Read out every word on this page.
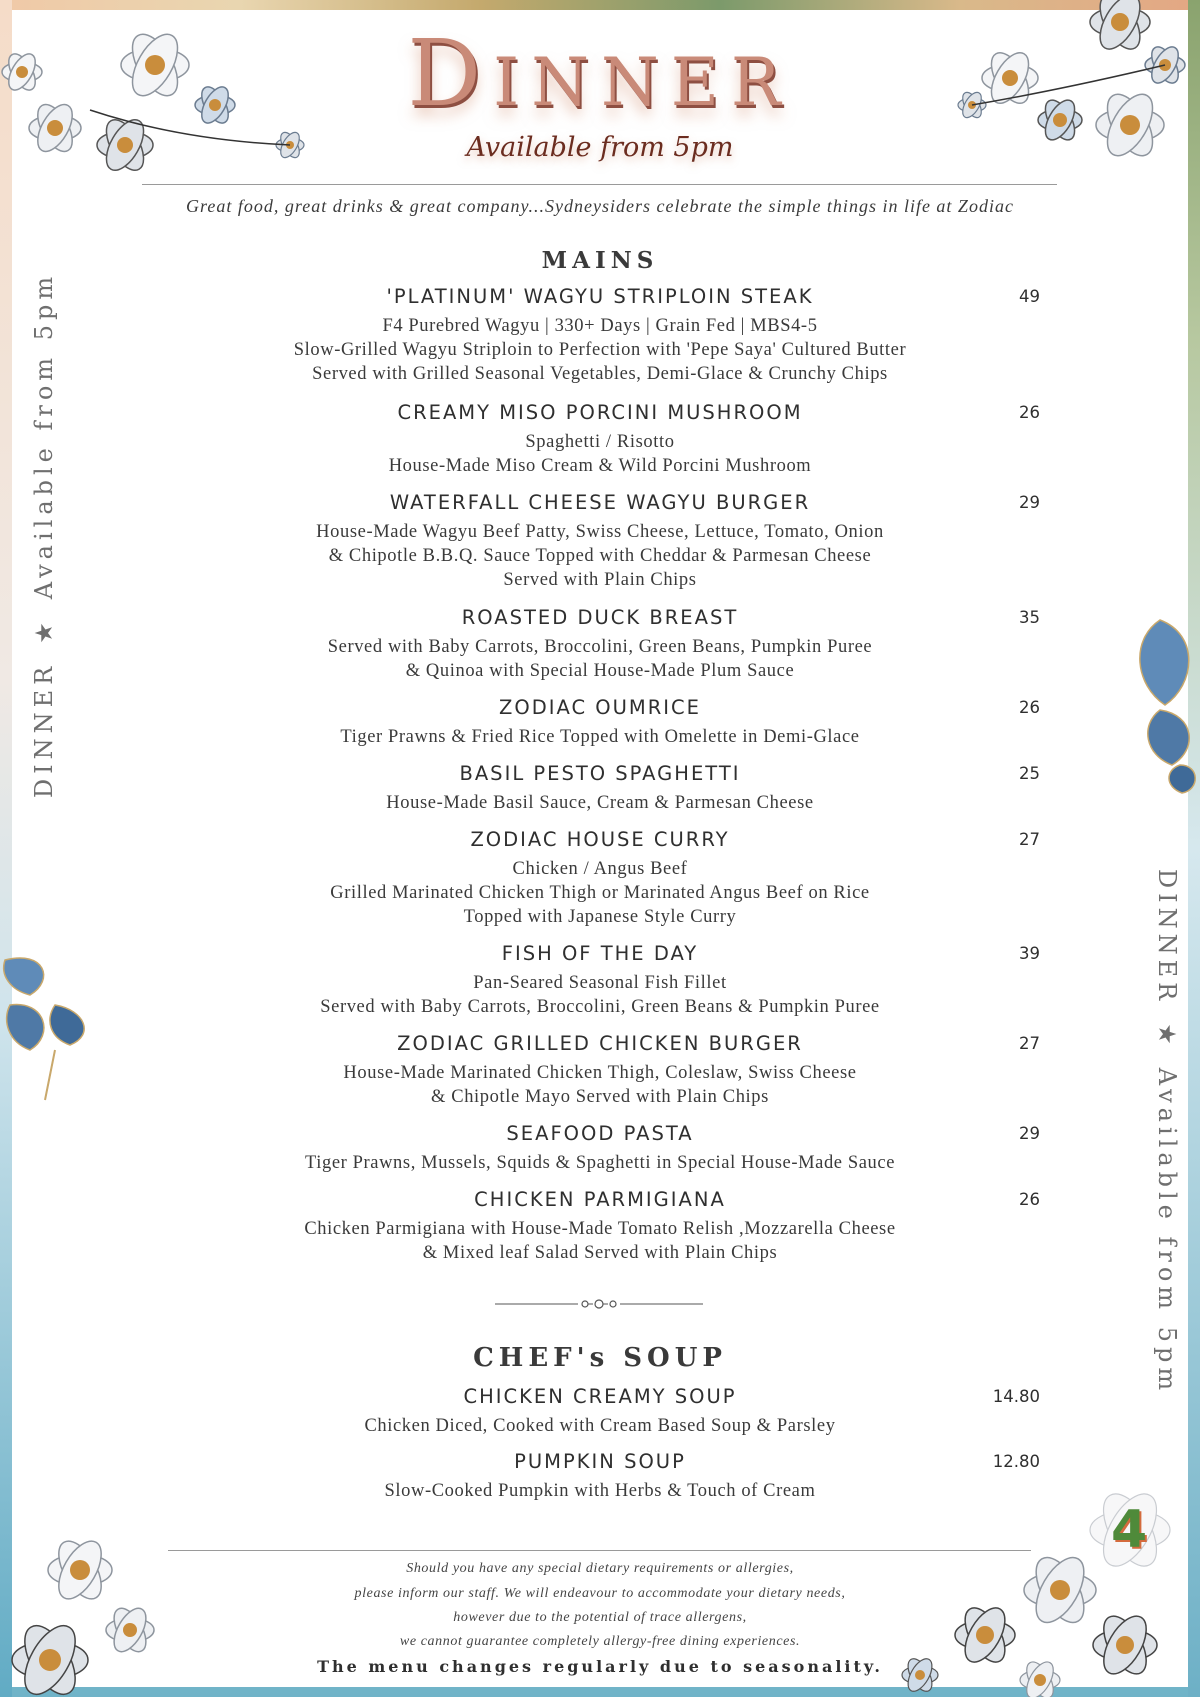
4
DINNER
Available from 5pm
Great food, great drinks & great company...Sydneysiders celebrate the simple things in life at Zodiac
DINNER★Available from 5pm
DINNER★Available from 5pm
MAINS
'PLATINUM' WAGYU STRIPLOIN STEAK
F4 Purebred Wagyu | 330+ Days | Grain Fed | MBS4-5
Slow-Grilled Wagyu Striploin to Perfection with 'Pepe Saya' Cultured Butter
Served with Grilled Seasonal Vegetables, Demi-Glace & Crunchy Chips
49
CREAMY MISO PORCINI MUSHROOM
Spaghetti / Risotto
House-Made Miso Cream & Wild Porcini Mushroom
26
WATERFALL CHEESE WAGYU BURGER
House-Made Wagyu Beef Patty, Swiss Cheese, Lettuce, Tomato, Onion
& Chipotle B.B.Q. Sauce Topped with Cheddar & Parmesan Cheese
Served with Plain Chips
29
ROASTED DUCK BREAST
Served with Baby Carrots, Broccolini, Green Beans, Pumpkin Puree
& Quinoa with Special House-Made Plum Sauce
35
ZODIAC OUMRICE
Tiger Prawns & Fried Rice Topped with Omelette in Demi-Glace
26
BASIL PESTO SPAGHETTI
House-Made Basil Sauce, Cream & Parmesan Cheese
25
ZODIAC HOUSE CURRY
Chicken / Angus Beef
Grilled Marinated Chicken Thigh or Marinated Angus Beef on Rice
Topped with Japanese Style Curry
27
FISH OF THE DAY
Pan-Seared Seasonal Fish Fillet
Served with Baby Carrots, Broccolini, Green Beans & Pumpkin Puree
39
ZODIAC GRILLED CHICKEN BURGER
House-Made Marinated Chicken Thigh, Coleslaw, Swiss Cheese
& Chipotle Mayo Served with Plain Chips
27
SEAFOOD PASTA
Tiger Prawns, Mussels, Squids & Spaghetti in Special House-Made Sauce
29
CHICKEN PARMIGIANA
Chicken Parmigiana with House-Made Tomato Relish ,Mozzarella Cheese
& Mixed leaf Salad Served with Plain Chips
26
CHEF's SOUP
CHICKEN CREAMY SOUP
Chicken Diced, Cooked with Cream Based Soup & Parsley
14.80
PUMPKIN SOUP
Slow-Cooked Pumpkin with Herbs & Touch of Cream
12.80
Should you have any special dietary requirements or allergies,
please inform our staff. We will endeavour to accommodate your dietary needs,
however due to the potential of trace allergens,
we cannot guarantee completely allergy-free dining experiences.
The menu changes regularly due to seasonality.
